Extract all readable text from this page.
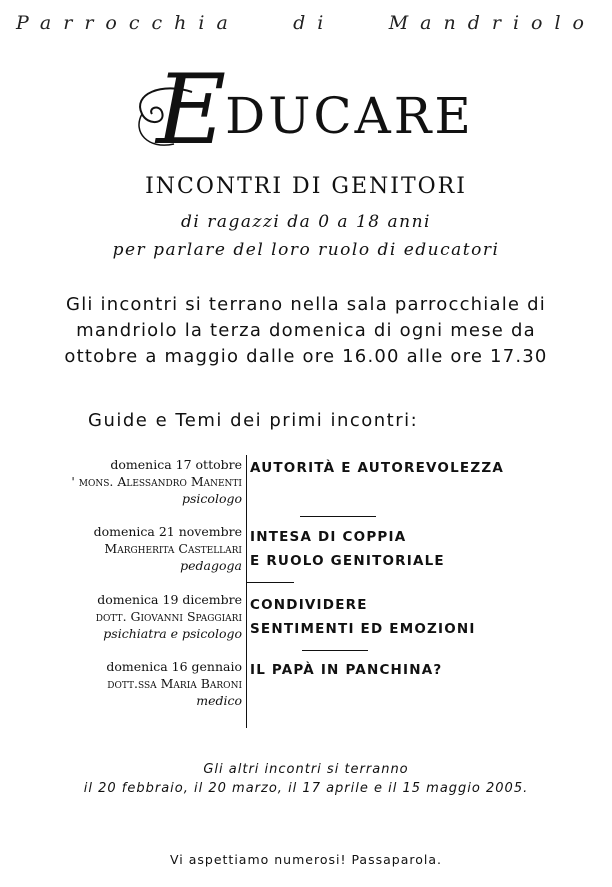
Parrocchia	di	Mandriolo
EDUCARE
INCONTRI DI GENITORI
di ragazzi da 0 a 18 anni
per parlare del loro ruolo di educatori
Gli incontri si terrano nella sala parrocchiale di
mandriolo la terza domenica di ogni mese da
ottobre a maggio dalle ore 16.00 alle ore 17.30
Guide e Temi dei primi incontri:
domenica 17 ottobre
' mons. Alessandro Manenti
psicologo
AUTORITÀ E AUTOREVOLEZZA
domenica 21 novembre
Margherita Castellari
pedagoga
INTESA DI COPPIA
E RUOLO GENITORIALE
domenica 19 dicembre
dott. Giovanni Spaggiari
psichiatra e psicologo
CONDIVIDERE
SENTIMENTI ED EMOZIONI
domenica 16 gennaio
dott.ssa Maria Baroni
medico
IL PAPÀ IN PANCHINA?
Gli altri incontri si terranno
il 20 febbraio, il 20 marzo, il 17 aprile e il 15 maggio 2005.
Vi aspettiamo numerosi! Passaparola.
